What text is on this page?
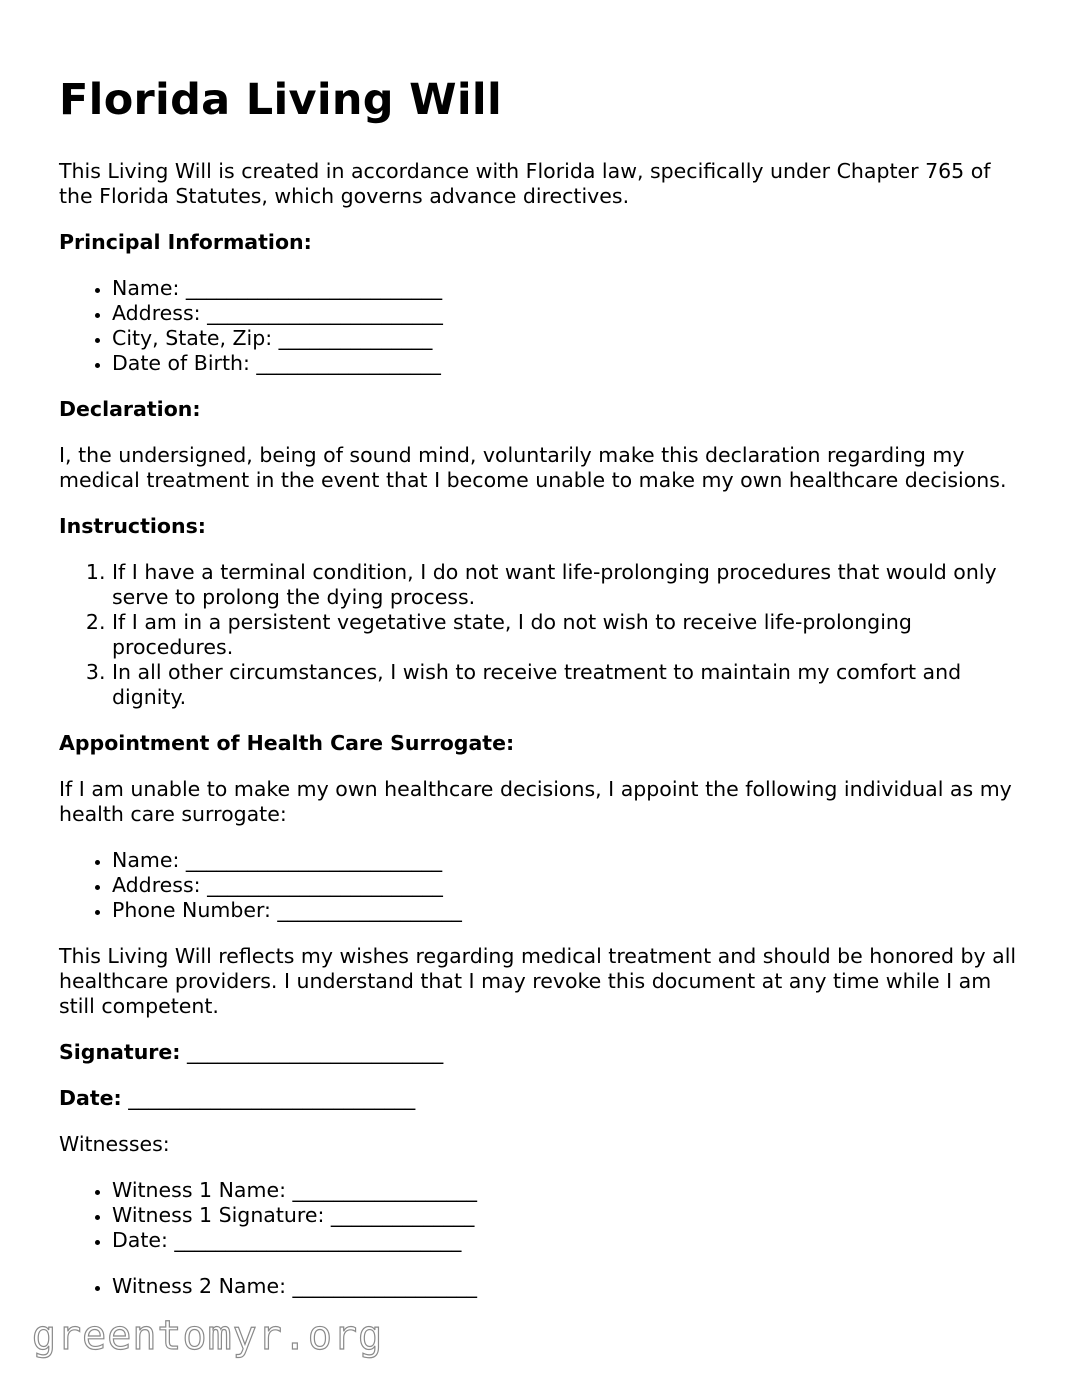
Florida Living Will

This Living Will is created in accordance with Florida law, specifically under Chapter 765 of the Florida Statutes, which governs advance directives.

Principal Information:
• Name: _________________________
• Address: _______________________
• City, State, Zip: _______________
• Date of Birth: __________________
Declaration:

I, the undersigned, being of sound mind, voluntarily make this declaration regarding my medical treatment in the event that I become unable to make my own healthcare decisions.

Instructions:
1. If I have a terminal condition, I do not want life-prolonging procedures that would only serve to prolong the dying process.
2. If I am in a persistent vegetative state, I do not wish to receive life-prolonging procedures.
3. In all other circumstances, I wish to receive treatment to maintain my comfort and dignity.
Appointment of Health Care Surrogate:

If I am unable to make my own healthcare decisions, I appoint the following individual as my health care surrogate:

• Name: _________________________
• Address: _______________________
• Phone Number: __________________

This Living Will reflects my wishes regarding medical treatment and should be honored by all healthcare providers. I understand that I may revoke this document at any time while I am still competent.

Signature: _________________________
Date: ____________________________

Witnesses:

• Witness 1 Name: __________________
• Witness 1 Signature: ______________
• Date: ____________________________
• Witness 2 Name: __________________
greentomyr.org
